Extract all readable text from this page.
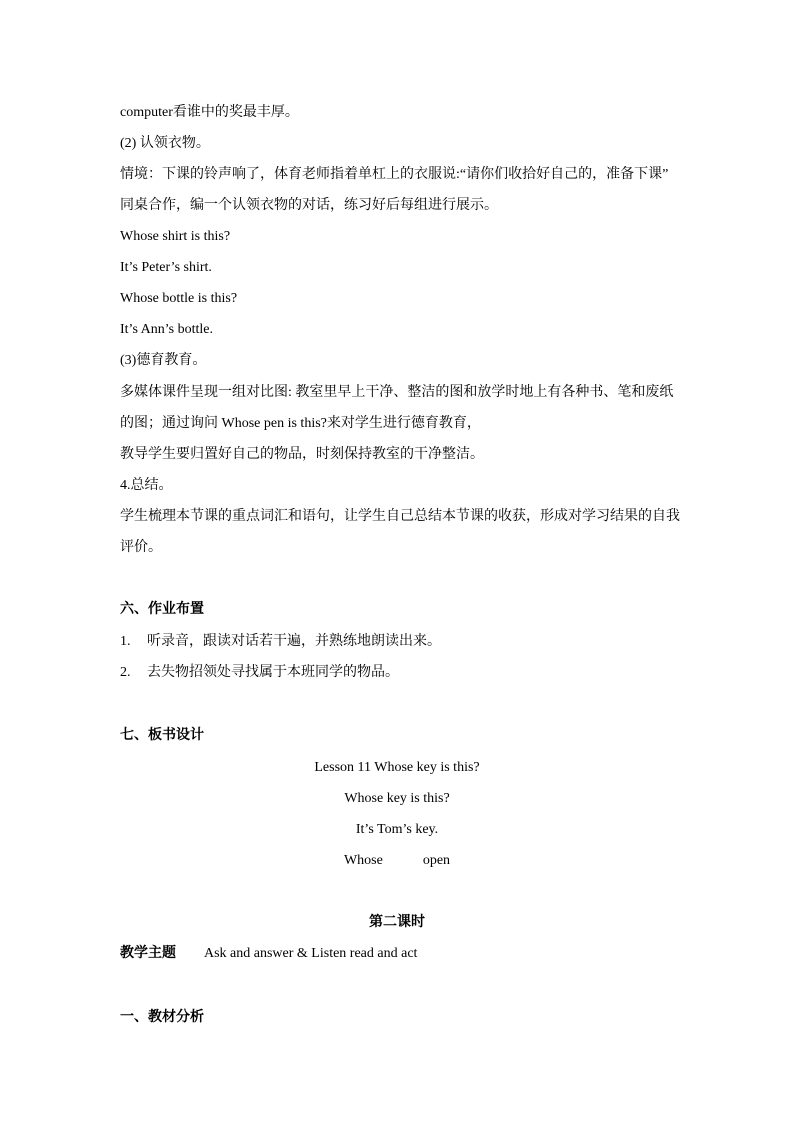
computer看谁中的奖最丰厚。
(2) 认领衣物。
情境：下课的铃声响了，体育老师指着单杠上的衣服说:“请你们收拾好自己的，准备下课”
同桌合作，编一个认领衣物的对话，练习好后每组进行展示。
Whose shirt is this?
It’s Peter’s shirt.
Whose bottle is this?
It’s Ann’s bottle.
(3)德育教育。
多媒体课件呈现一组对比图: 教室里早上干净、整洁的图和放学时地上有各种书、笔和废纸
的图；通过询问 Whose pen is this?来对学生进行德育教育，
教导学生要归置好自己的物品，时刻保持教室的干净整洁。
4.总结。
学生梳理本节课的重点词汇和语句，让学生自己总结本节课的收获，形成对学习结果的自我
评价。
六、作业布置
1. 听录音，跟读对话若干遍，并熟练地朗读出来。
2. 去失物招领处寻找属于本班同学的物品。
七、板书设计
Lesson 11 Whose key is this?
Whose key is this?
It’s Tom’s key.
Whose	open
第二课时
教学主题 Ask and answer & Listen read and act
一、教材分析
